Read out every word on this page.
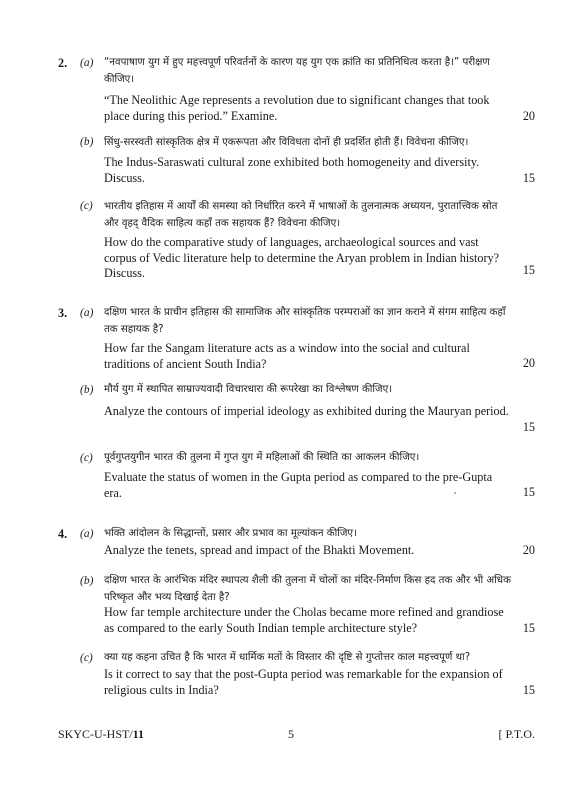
2. (a) “नवपाषाण युग में हुए महत्त्वपूर्ण परिवर्तनों के कारण यह युग एक क्रांति का प्रतिनिधित्व करता है।” परीक्षण कीजिए।
“The Neolithic Age represents a revolution due to significant changes that took place during this period.” Examine.	20
(b) सिंधु-सरस्वती सांस्कृतिक क्षेत्र में एकरूपता और विविधता दोनों ही प्रदर्शित होती हैं। विवेचना कीजिए।
The Indus-Saraswati cultural zone exhibited both homogeneity and diversity. Discuss.	15
(c) भारतीय इतिहास में आर्यों की समस्या को निर्धारित करने में भाषाओं के तुलनात्मक अध्ययन, पुरातात्त्विक स्रोत और वृहद् वैदिक साहित्य कहाँ तक सहायक हैं? विवेचना कीजिए।
How do the comparative study of languages, archaeological sources and vast corpus of Vedic literature help to determine the Aryan problem in Indian history? Discuss.	15
3. (a) दक्षिण भारत के प्राचीन इतिहास की सामाजिक और सांस्कृतिक परम्पराओं का ज्ञान कराने में संगम साहित्य कहाँ तक सहायक है?
How far the Sangam literature acts as a window into the social and cultural traditions of ancient South India?	20
(b) मौर्य युग में स्थापित साम्राज्यवादी विचारधारा की रूपरेखा का विश्लेषण कीजिए।
Analyze the contours of imperial ideology as exhibited during the Mauryan period.
15
(c) पूर्वगुप्तयुगीन भारत की तुलना में गुप्त युग में महिलाओं की स्थिति का आकलन कीजिए।
Evaluate the status of women in the Gupta period as compared to the pre-Gupta era.	15
4. (a) भक्ति आंदोलन के सिद्धान्तों, प्रसार और प्रभाव का मूल्यांकन कीजिए।
Analyze the tenets, spread and impact of the Bhakti Movement.	20
(b) दक्षिण भारत के आरंभिक मंदिर स्थापत्य शैली की तुलना में चोलों का मंदिर-निर्माण किस हद तक और भी अधिक परिष्कृत और भव्य दिखाई देता है?
How far temple architecture under the Cholas became more refined and grandiose as compared to the early South Indian temple architecture style?	15
(c) क्या यह कहना उचित है कि भारत में धार्मिक मतों के विस्तार की दृष्टि से गुप्तोत्तर काल महत्त्वपूर्ण था?
Is it correct to say that the post-Gupta period was remarkable for the expansion of religious cults in India?	15
SKYC-U-HST/11	5	[ P.T.O.
